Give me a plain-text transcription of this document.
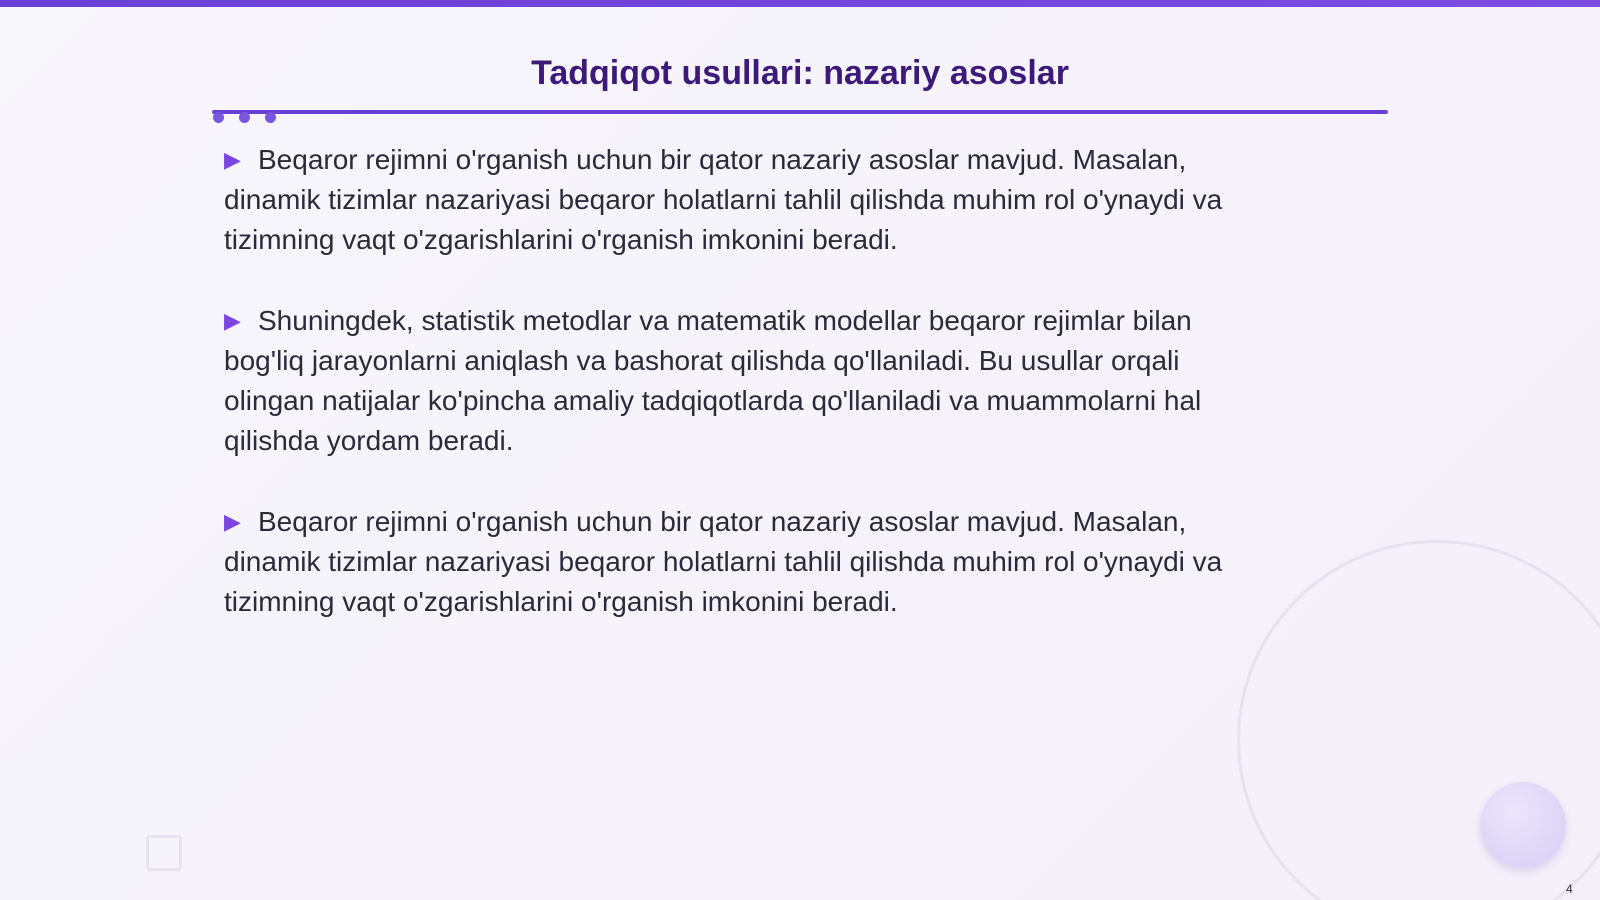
Tadqiqot usullari: nazariy asoslar

▶ Beqaror rejimni o'rganish uchun bir qator nazariy asoslar mavjud. Masalan,
dinamik tizimlar nazariyasi beqaror holatlarni tahlil qilishda muhim rol o'ynaydi va
tizimning vaqt o'zgarishlarini o'rganish imkonini beradi.

▶ Shuningdek, statistik metodlar va matematik modellar beqaror rejimlar bilan
bog'liq jarayonlarni aniqlash va bashorat qilishda qo'llaniladi. Bu usullar orqali
olingan natijalar ko'pincha amaliy tadqiqotlarda qo'llaniladi va muammolarni hal
qilishda yordam beradi.

▶ Beqaror rejimni o'rganish uchun bir qator nazariy asoslar mavjud. Masalan,
dinamik tizimlar nazariyasi beqaror holatlarni tahlil qilishda muhim rol o'ynaydi va
tizimning vaqt o'zgarishlarini o'rganish imkonini beradi.

4
